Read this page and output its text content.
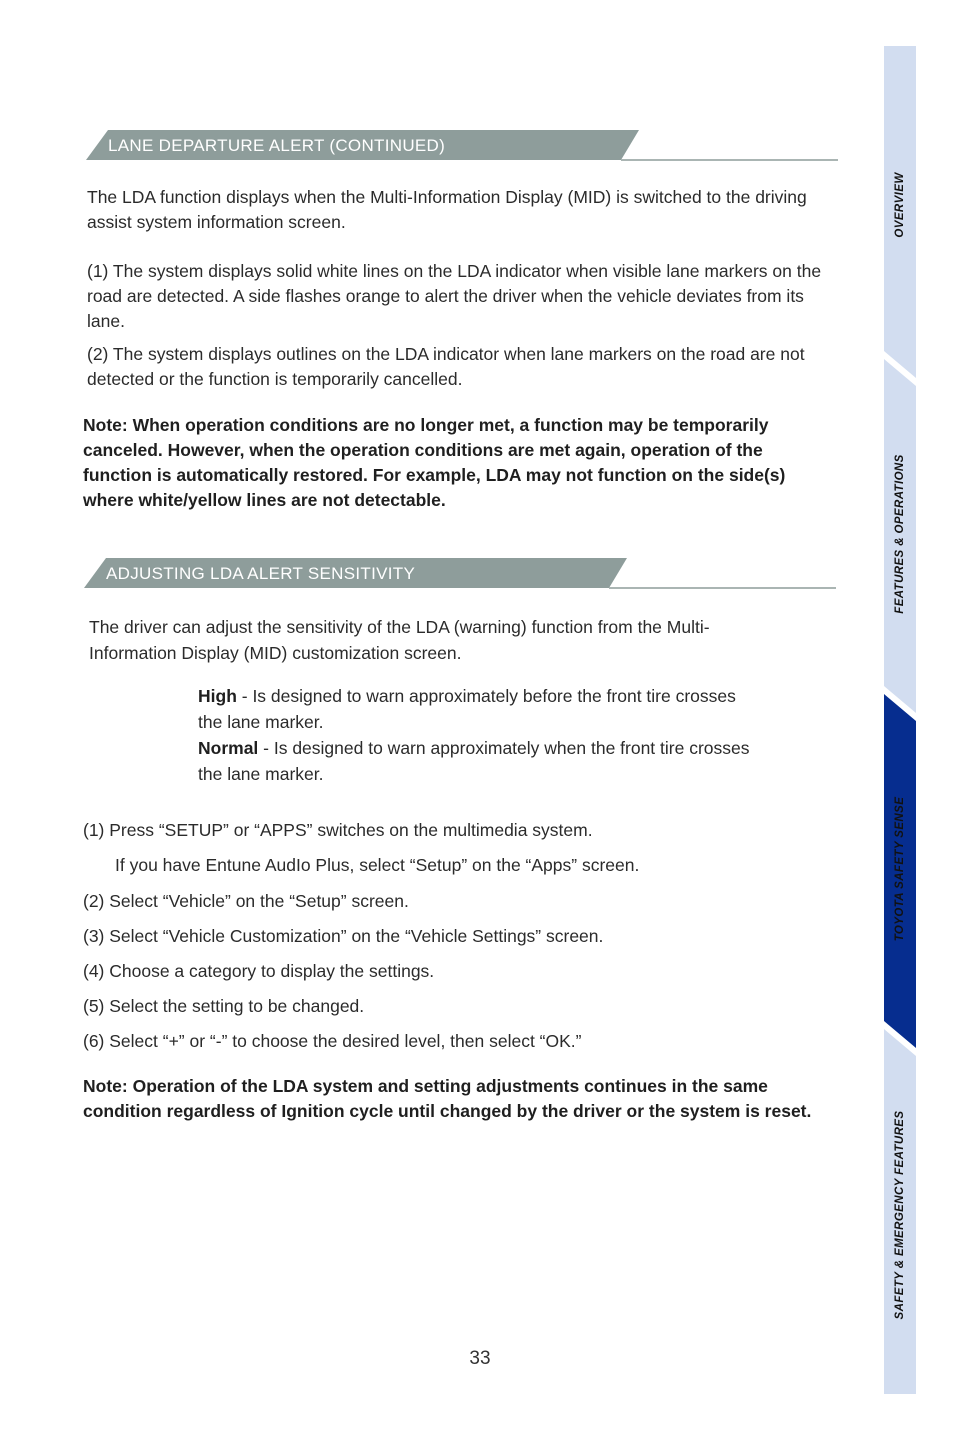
LANE DEPARTURE ALERT (CONTINUED)

The LDA function displays when the Multi-Information Display (MID) is switched to the driving assist system information screen.

(1) The system displays solid white lines on the LDA indicator when visible lane markers on the road are detected. A side flashes orange to alert the driver when the vehicle deviates from its lane.

(2) The system displays outlines on the LDA indicator when lane markers on the road are not detected or the function is temporarily cancelled.

Note: When operation conditions are no longer met, a function may be temporarily canceled. However, when the operation conditions are met again, operation of the function is automatically restored. For example, LDA may not function on the side(s) where white/yellow lines are not detectable.

ADJUSTING LDA ALERT SENSITIVITY

The driver can adjust the sensitivity of the LDA (warning) function from the Multi-Information Display (MID) customization screen.

High - Is designed to warn approximately before the front tire crosses the lane marker.

Normal - Is designed to warn approximately when the front tire crosses the lane marker.

(1) Press “SETUP” or “APPS” switches on the multimedia system.
If you have Entune AudIo Plus, select “Setup” on the “Apps” screen.
(2) Select “Vehicle” on the “Setup” screen.
(3) Select “Vehicle Customization” on the “Vehicle Settings” screen.
(4) Choose a category to display the settings.
(5) Select the setting to be changed.
(6) Select “+” or “-” to choose the desired level, then select “OK.”

Note: Operation of the LDA system and setting adjustments continues in the same condition regardless of Ignition cycle until changed by the driver or the system is reset.

33
OVERVIEW
FEATURES & OPERATIONS
TOYOTA SAFETY SENSE
SAFETY & EMERGENCY FEATURES
